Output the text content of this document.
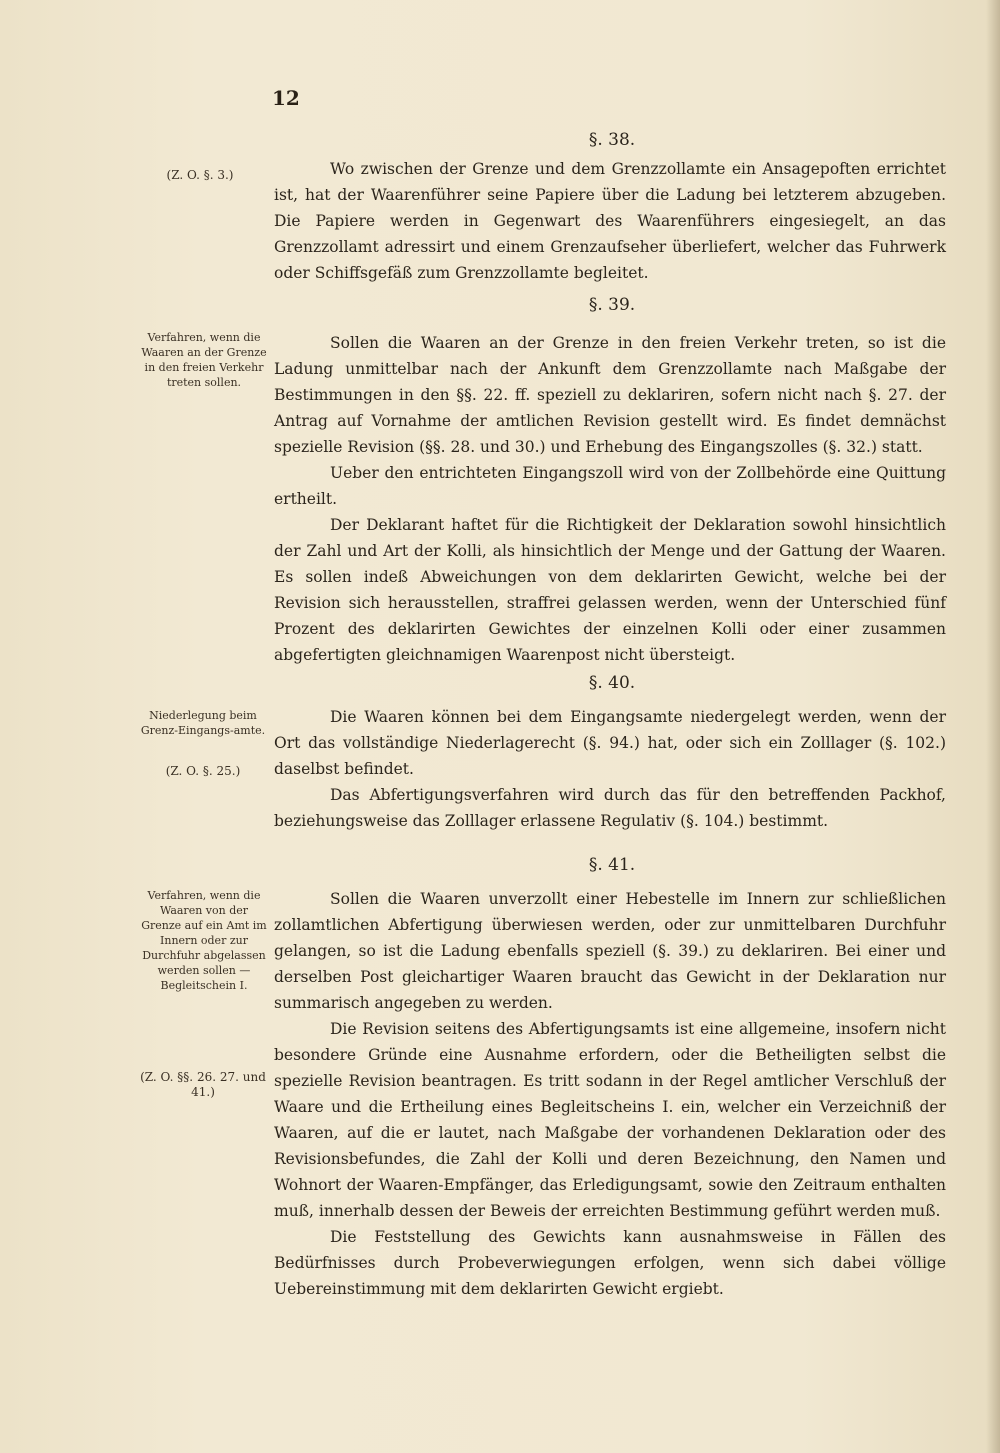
12
§. 38.
(Z. O. §. 3.)	Wo zwischen der Grenze und dem Grenzzollamte ein Ansagepoften errichtet ist, hat der Waarenführer seine Papiere über die Ladung bei letzterem abzugeben. Die Papiere werden in Gegenwart des Waarenführers eingesiegelt, an das Grenzzollamt adressirt und einem Grenzaufseher überliefert, welcher das Fuhrwerk oder Schiffsgefäß zum Grenzzollamte begleitet.
§. 39.
Verfahren, wenn die Waaren an der Grenze in den freien Verkehr treten sollen.
Sollen die Waaren an der Grenze in den freien Verkehr treten, so ist die Ladung unmittelbar nach der Ankunft dem Grenzzollamte nach Maßgabe der Bestimmungen in den §§. 22. ff. speziell zu deklariren, sofern nicht nach §. 27. der Antrag auf Vornahme der amtlichen Revision gestellt wird. Es findet demnächst spezielle Revision (§§. 28. und 30.) und Erhebung des Eingangszolles (§. 32.) statt.
Ueber den entrichteten Eingangszoll wird von der Zollbehörde eine Quittung ertheilt.
Der Deklarant haftet für die Richtigkeit der Deklaration sowohl hinsichtlich der Zahl und Art der Kolli, als hinsichtlich der Menge und der Gattung der Waaren. Es sollen indeß Abweichungen von dem deklarirten Gewicht, welche bei der Revision sich herausstellen, straffrei gelassen werden, wenn der Unterschied fünf Prozent des deklarirten Gewichtes der einzelnen Kolli oder einer zusammen abgefertigten gleichnamigen Waarenpost nicht übersteigt.
§. 40.
Niederlegung beim Grenz-Eingangs-amte.
(Z. O. §. 25.)
Die Waaren können bei dem Eingangsamte niedergelegt werden, wenn der Ort das vollständige Niederlagerecht (§. 94.) hat, oder sich ein Zolllager (§. 102.) daselbst befindet.
Das Abfertigungsverfahren wird durch das für den betreffenden Packhof, beziehungsweise das Zolllager erlassene Regulativ (§. 104.) bestimmt.
§. 41.
Verfahren, wenn die Waaren von der Grenze auf ein Amt im Innern oder zur Durchfuhr abgelassen werden sollen — Begleitschein I.
(Z. O. §§. 26. 27. und 41.)
Sollen die Waaren unverzollt einer Hebestelle im Innern zur schließlichen zollamtlichen Abfertigung überwiesen werden, oder zur unmittelbaren Durchfuhr gelangen, so ist die Ladung ebenfalls speziell (§. 39.) zu deklariren. Bei einer und derselben Post gleichartiger Waaren braucht das Gewicht in der Deklaration nur summarisch angegeben zu werden.
Die Revision seitens des Abfertigungsamts ist eine allgemeine, insofern nicht besondere Gründe eine Ausnahme erfordern, oder die Betheiligten selbst die spezielle Revision beantragen. Es tritt sodann in der Regel amtlicher Verschluß der Waare und die Ertheilung eines Begleitscheins I. ein, welcher ein Verzeichniß der Waaren, auf die er lautet, nach Maßgabe der vorhandenen Deklaration oder des Revisionsbefundes, die Zahl der Kolli und deren Bezeichnung, den Namen und Wohnort der Waaren-Empfänger, das Erledigungsamt, sowie den Zeitraum enthalten muß, innerhalb dessen der Beweis der erreichten Bestimmung geführt werden muß.
Die Feststellung des Gewichts kann ausnahmsweise in Fällen des Bedürfnisses durch Probeverwiegungen erfolgen, wenn sich dabei völlige Uebereinstimmung mit dem deklarirten Gewicht ergiebt.
